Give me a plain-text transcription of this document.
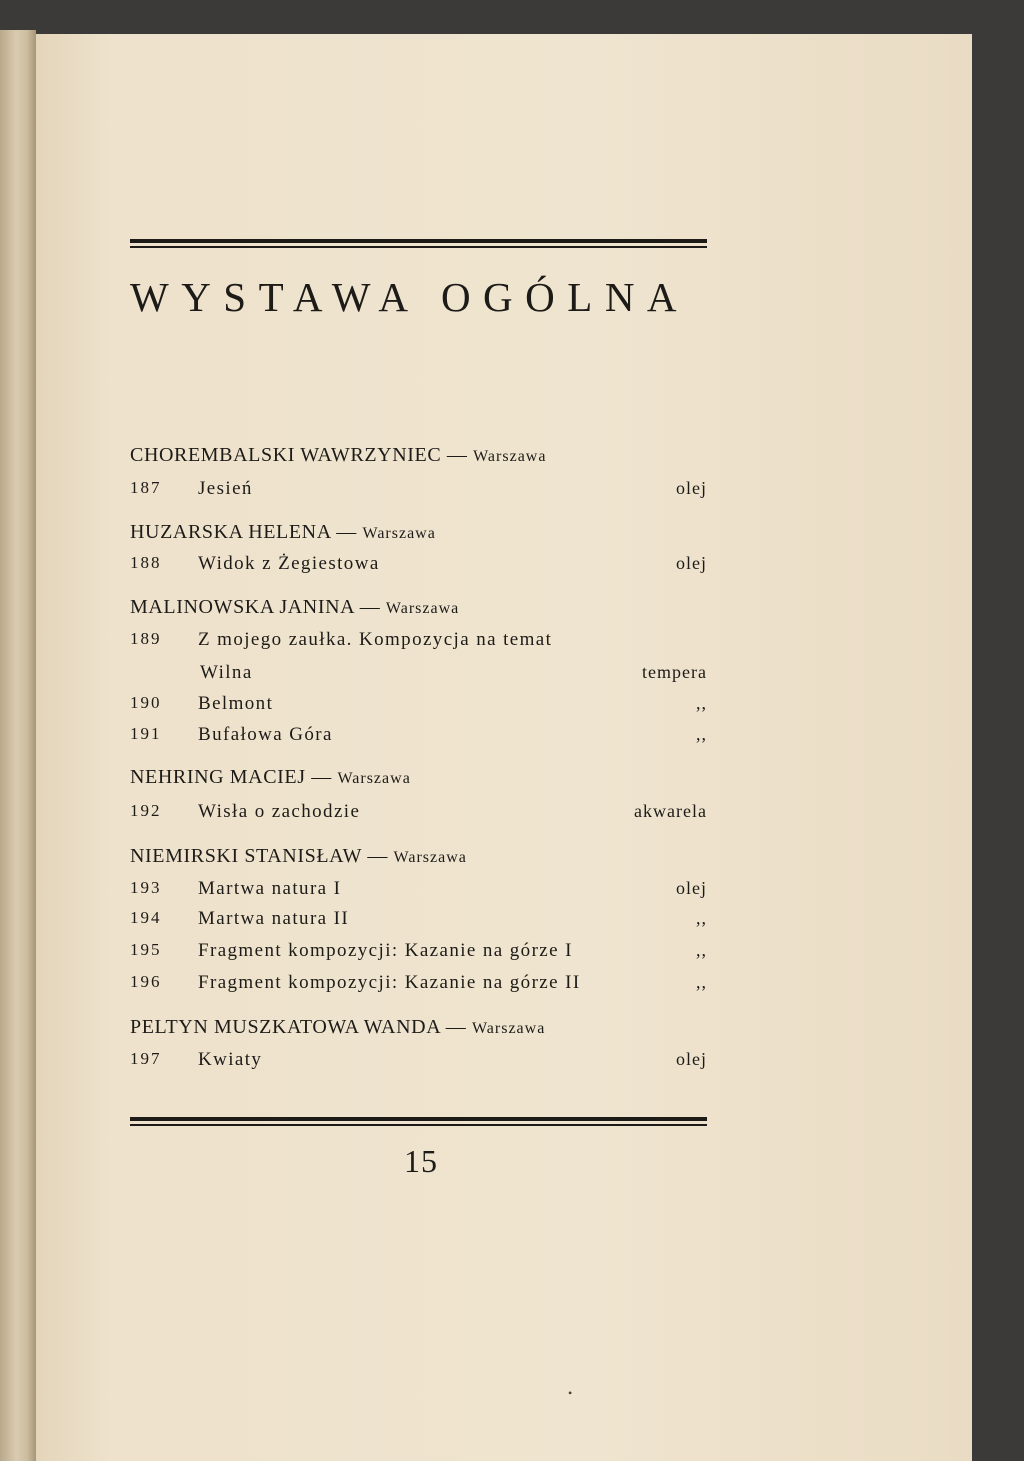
WYSTAWA OGÓLNA
CHOREMBALSKI WAWRZYNIEC — Warszawa
187 Jesień	olej
HUZARSKA HELENA — Warszawa
188 Widok z Żegiestowa	olej
MALINOWSKA JANINA — Warszawa
189 Z mojego zaułka. Kompozycja na temat
Wilna	tempera
190 Belmont	,,
191 Bufałowa Góra	,,
NEHRING MACIEJ — Warszawa
192 Wisła o zachodzie	akwarela
NIEMIRSKI STANISŁAW — Warszawa
193 Martwa natura I	olej
194 Martwa natura II	,,
195 Fragment kompozycji: Kazanie na górze I	,,
196 Fragment kompozycji: Kazanie na górze II	,,
PELTYN MUSZKATOWA WANDA — Warszawa
197 Kwiaty	olej
15
•
